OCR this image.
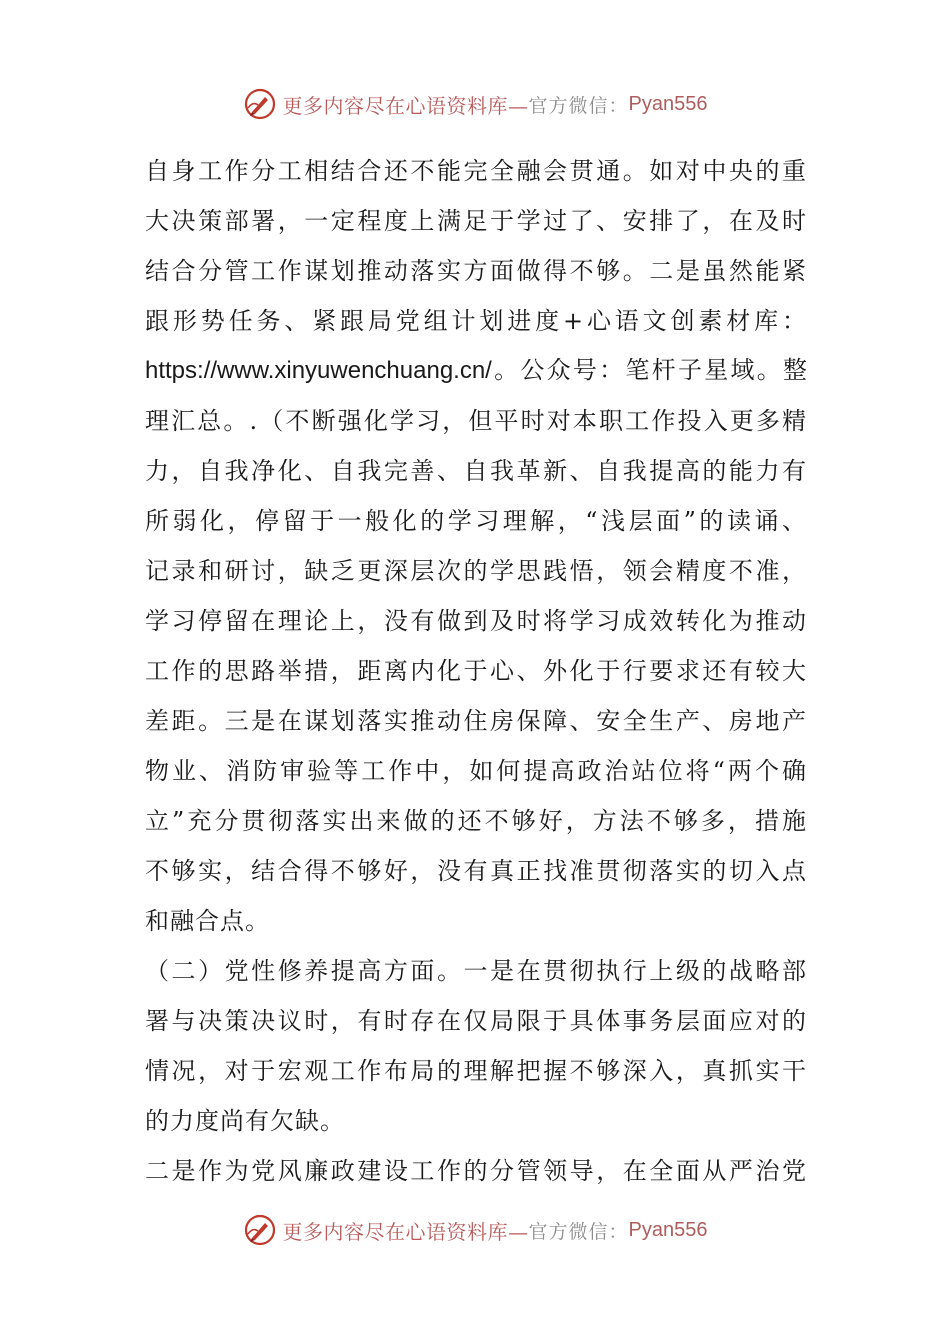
更多内容尽在心语资料库— 官方微信： Pyan556
自身工作分工相结合还不能完全融会贯通。如对中央的重
大决策部署，一定程度上满足于学过了、安排了，在及时
结合分管工作谋划推动落实方面做得不够。二是虽然能紧
跟形势任务、紧跟局党组计划进度+心语文创素材库：
https://www.xinyuwenchuang.cn/。公众号：笔杆子星域。整
理汇总。.（不断强化学习，但平时对本职工作投入更多精
力，自我净化、自我完善、自我革新、自我提高的能力有
所弱化，停留于一般化的学习理解，“浅层面”的读诵、
记录和研讨，缺乏更深层次的学思践悟，领会精度不准，
学习停留在理论上，没有做到及时将学习成效转化为推动
工作的思路举措，距离内化于心、外化于行要求还有较大
差距。三是在谋划落实推动住房保障、安全生产、房地产
物业、消防审验等工作中，如何提高政治站位将“两个确
立”充分贯彻落实出来做的还不够好，方法不够多，措施
不够实，结合得不够好，没有真正找准贯彻落实的切入点
和融合点。
（二）党性修养提高方面。一是在贯彻执行上级的战略部
署与决策决议时，有时存在仅局限于具体事务层面应对的
情况，对于宏观工作布局的理解把握不够深入，真抓实干
的力度尚有欠缺。
二是作为党风廉政建设工作的分管领导，在全面从严治党
更多内容尽在心语资料库— 官方微信： Pyan556
